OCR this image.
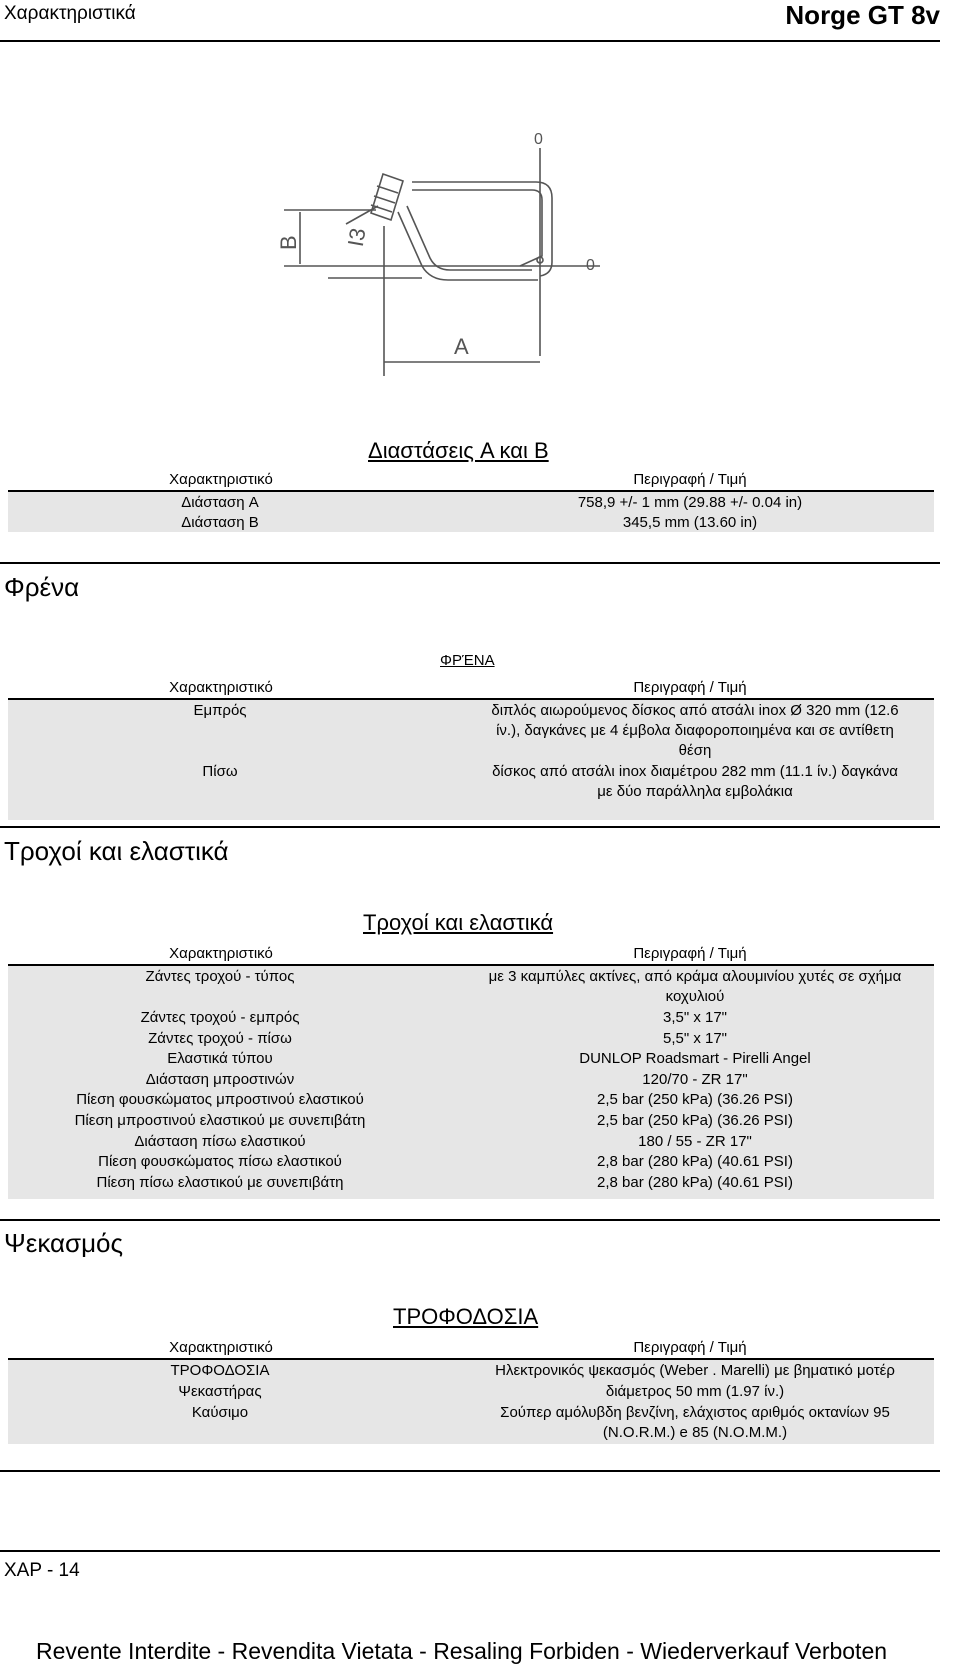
Χαρακτηριστικά	Norge GT 8v
B I3
A
0
0
Διαστάσεις A και B
Χαρακτηριστικό	Περιγραφή / Τιμή
Διάσταση A	758,9 +/- 1 mm (29.88 +/- 0.04 in)
Διάσταση B	345,5 mm (13.60 in)
Φρένα
ΦΡΈΝΑ
Χαρακτηριστικό	Περιγραφή / Τιμή
Εμπρός	διπλός αιωρούμενος δίσκος από ατσάλι inox Ø 320 mm (12.6
ίν.), δαγκάνες με 4 έμβολα διαφοροποιημένα και σε αντίθετη
θέση
Πίσω	δίσκος από ατσάλι inox διαμέτρου 282 mm (11.1 ίν.) δαγκάνα
με δύο παράλληλα εμβολάκια
Τροχοί και ελαστικά
Τροχοί και ελαστικά
Χαρακτηριστικό	Περιγραφή / Τιμή
Ζάντες τροχού - τύπος	με 3 καμπύλες ακτίνες, από κράμα αλουμινίου χυτές σε σχήμα
κοχυλιού
Ζάντες τροχού - εμπρός	3,5" x 17"
Ζάντες τροχού - πίσω	5,5" x 17"
Ελαστικά τύπου	DUNLOP Roadsmart - Pirelli Angel
Διάσταση μπροστινών	120/70 - ZR 17"
Πίεση φουσκώματος μπροστινού ελαστικού	2,5 bar (250 kPa) (36.26 PSI)
Πίεση μπροστινού ελαστικού με συνεπιβάτη	2,5 bar (250 kPa) (36.26 PSI)
Διάσταση πίσω ελαστικού	180 / 55 - ZR 17"
Πίεση φουσκώματος πίσω ελαστικού	2,8 bar (280 kPa) (40.61 PSI)
Πίεση πίσω ελαστικού με συνεπιβάτη	2,8 bar (280 kPa) (40.61 PSI)
Ψεκασμός
ΤΡΟΦΟΔΟΣΙΑ
Χαρακτηριστικό	Περιγραφή / Τιμή
ΤΡΟΦΟΔΟΣΙΑ	Ηλεκτρονικός ψεκασμός (Weber . Marelli) με βηματικό μοτέρ
Ψεκαστήρας	διάμετρος 50 mm (1.97 ίν.)
Καύσιμο	Σούπερ αμόλυβδη βενζίνη, ελάχιστος αριθμός οκτανίων 95
(N.O.R.M.) e 85 (N.O.M.M.)
XAP - 14
Revente Interdite - Revendita Vietata - Resaling Forbiden - Wiederverkauf Verboten
